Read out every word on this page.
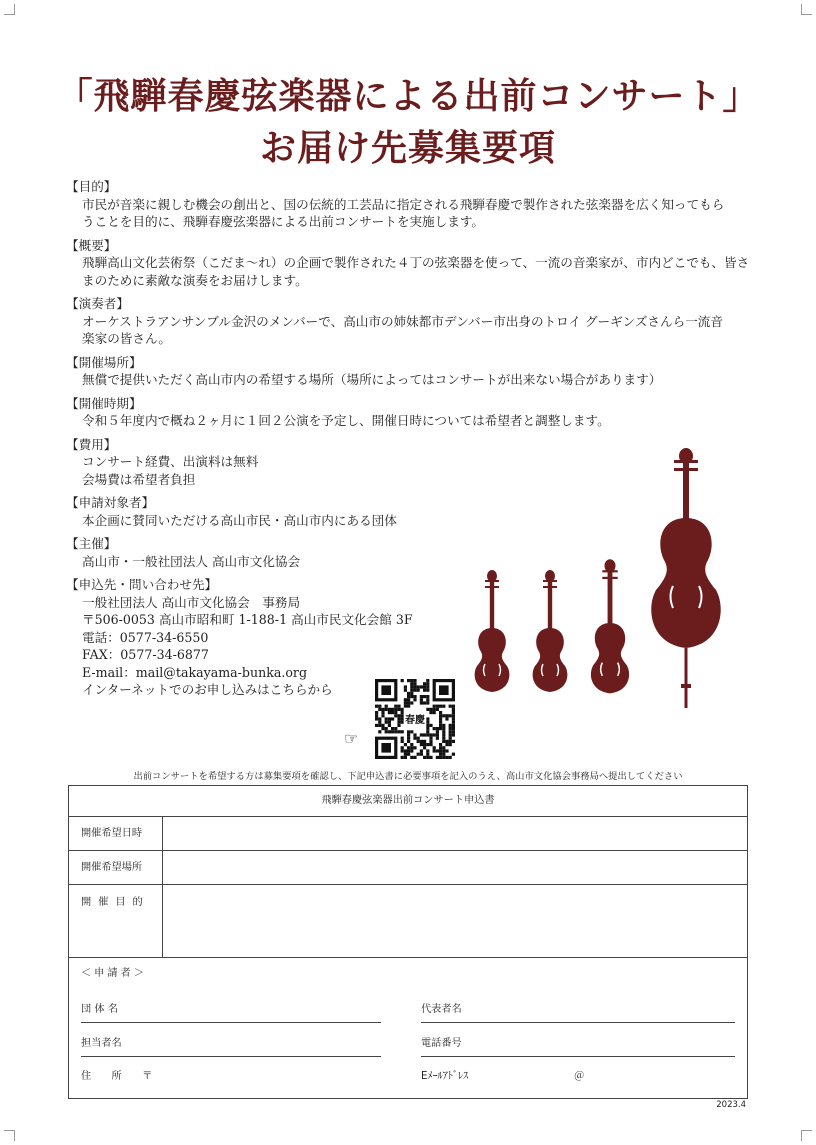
「飛騨春慶弦楽器による出前コンサート」
お届け先募集要項
【目的】
市民が音楽に親しむ機会の創出と、国の伝統的工芸品に指定される飛騨春慶で製作された弦楽器を広く知ってもら
うことを目的に、飛騨春慶弦楽器による出前コンサートを実施します。
【概要】
飛騨高山文化芸術祭（こだま〜れ）の企画で製作された４丁の弦楽器を使って、一流の音楽家が、市内どこでも、皆さ
まのために素敵な演奏をお届けします。
【演奏者】
オーケストラアンサンブル金沢のメンバーで、高山市の姉妹都市デンバー市出身のトロイ グーギンズさんら一流音
楽家の皆さん。
【開催場所】
無償で提供いただく高山市内の希望する場所（場所によってはコンサートが出来ない場合があります）
【開催時期】
令和５年度内で概ね２ヶ月に１回２公演を予定し、開催日時については希望者と調整します。
【費用】
コンサート経費、出演料は無料
会場費は希望者負担
【申請対象者】
本企画に賛同いただける高山市民・高山市内にある団体
【主催】
高山市・一般社団法人 高山市文化協会
【申込先・問い合わせ先】
一般社団法人 高山市文化協会　事務局
〒506-0053 高山市昭和町 1-188-1 高山市民文化会館 3F
電話：0577-34-6550
FAX：0577-34-6877
E-mail：mail@takayama-bunka.org
インターネットでのお申し込みはこちらから
☞
春慶
出前コンサートを希望する方は募集要項を確認し、下記申込書に必要事項を記入のうえ、高山市文化協会事務局へ提出してください
飛騨春慶弦楽器出前コンサート申込書
開催希望日時
開催希望場所
開催目的
＜申請者＞
団 体 名	代表者名
担当者名	電話番号
住　　所　　〒	Eﾒｰﾙｱﾄﾞﾚｽ	＠
2023.4
